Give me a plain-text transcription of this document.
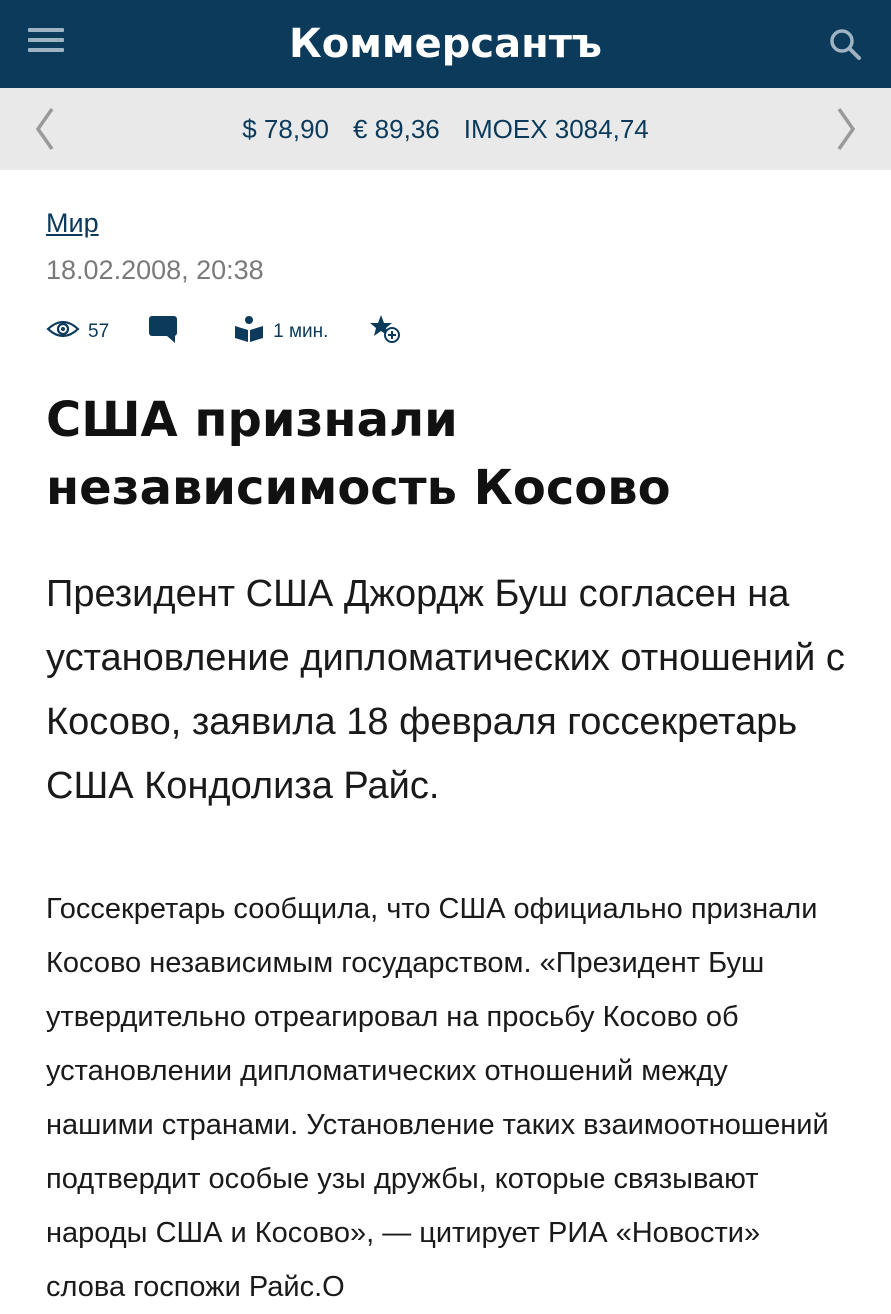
Коммерсантъ
$ 78,90 € 89,36 IMOEX 3084,74
Мир
18.02.2008, 20:38
57	1 мин.
США признали независимость Косово

Президент США Джордж Буш согласен на установление дипломатических отношений с Косово, заявила 18 февраля госсекретарь США Кондолиза Райс.

Госсекретарь сообщила, что США официально признали Косово независимым государством. «Президент Буш утвердительно отреагировал на просьбу Косово об установлении дипломатических отношений между нашими странами. Установление таких взаимоотношений подтвердит особые узы дружбы, которые связывают народы США и Косово», — цитирует РИА «Новости» слова госпожи Райс.О
